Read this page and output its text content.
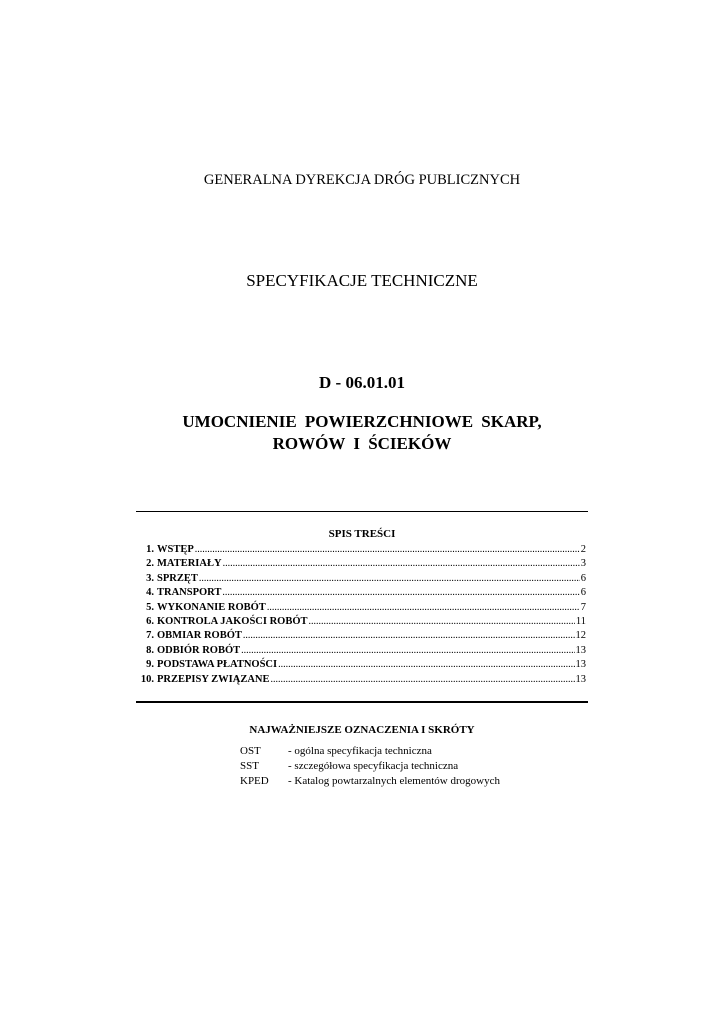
GENERALNA DYREKCJA DRÓG PUBLICZNYCH
SPECYFIKACJE TECHNICZNE
D - 06.01.01
UMOCNIENIE POWIERZCHNIOWE SKARP,
ROWÓW I ŚCIEKÓW
SPIS TREŚCI
1. WSTĘP .....	2
2. MATERIAŁY .....	3
3. SPRZĘT .....	6
4. TRANSPORT .....	6
5. WYKONANIE ROBÓT .....	7
6. KONTROLA JAKOŚCI ROBÓT .....	11
7. OBMIAR ROBÓT .....	12
8. ODBIÓR ROBÓT .....	13
9. PODSTAWA PŁATNOŚCI .....	13
10. PRZEPISY ZWIĄZANE .....	13
NAJWAŻNIEJSZE OZNACZENIA I SKRÓTY
OST	- ogólna specyfikacja techniczna
SST	- szczegółowa specyfikacja techniczna
KPED	- Katalog powtarzalnych elementów drogowych
